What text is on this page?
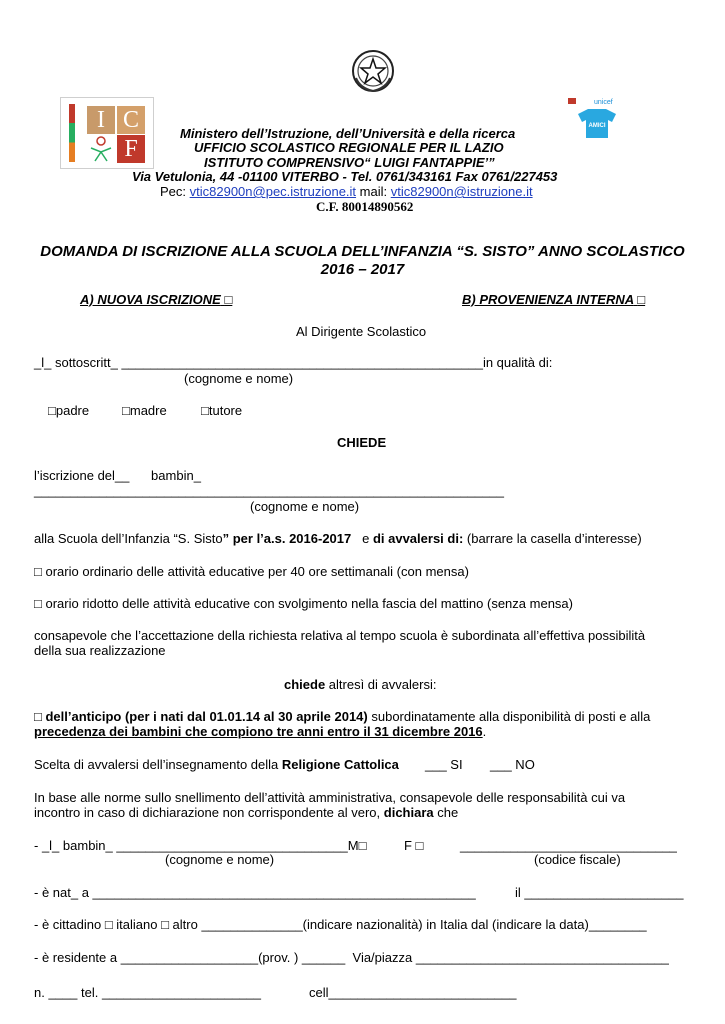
I C
F
unicef
AMICI
Ministero dell’Istruzione, dell’Università e della ricerca
UFFICIO SCOLASTICO REGIONALE PER IL LAZIO
ISTITUTO COMPRENSIVO“ LUIGI FANTAPPIE’”
Via Vetulonia, 44 -01100 VITERBO - Tel. 0761/343161 Fax 0761/227453
Pec: vtic82900n@pec.istruzione.it mail: vtic82900n@istruzione.it
C.F. 80014890562
DOMANDA DI ISCRIZIONE ALLA SCUOLA DELL’INFANZIA “S. SISTO” ANNO SCOLASTICO
2016 – 2017
A) NUOVA ISCRIZIONE □	B) PROVENIENZA INTERNA □
Al Dirigente Scolastico
_l_ sottoscritt_ __________________________________________________in qualità di:
(cognome e nome)
□padre	□madre	□tutore
CHIEDE
l’iscrizione del__      bambin_
_________________________________________________________________
(cognome e nome)
alla Scuola dell’Infanzia “S. Sisto” per l’a.s. 2016-2017   e di avvalersi di: (barrare la casella d’interesse)
□ orario ordinario delle attività educative per 40 ore settimanali (con mensa)
□ orario ridotto delle attività educative con svolgimento nella fascia del mattino (senza mensa)
consapevole che l’accettazione della richiesta relativa al tempo scuola è subordinata all’effettiva possibilità
della sua realizzazione
chiede altresì di avvalersi:
□ dell’anticipo (per i nati dal 01.01.14 al 30 aprile 2014) subordinatamente alla disponibilità di posti e alla
precedenza dei bambini che compiono tre anni entro il 31 dicembre 2016.
Scelta di avvalersi dell’insegnamento della Religione Cattolica ___ SI ___ NO
In base alle norme sullo snellimento dell’attività amministrativa, consapevole delle responsabilità cui va
incontro in caso di dichiarazione non corrispondente al vero, dichiara che
- _l_ bambin_ ________________________________M□	F □	______________________________
(cognome e nome)	(codice fiscale)
- è nat_ a _____________________________________________________	il ______________________
- è cittadino □ italiano □ altro ______________(indicare nazionalità) in Italia dal (indicare la data)________
- è residente a ___________________(prov. ) ______  Via/piazza ___________________________________
n. ____ tel. ______________________	cell__________________________
